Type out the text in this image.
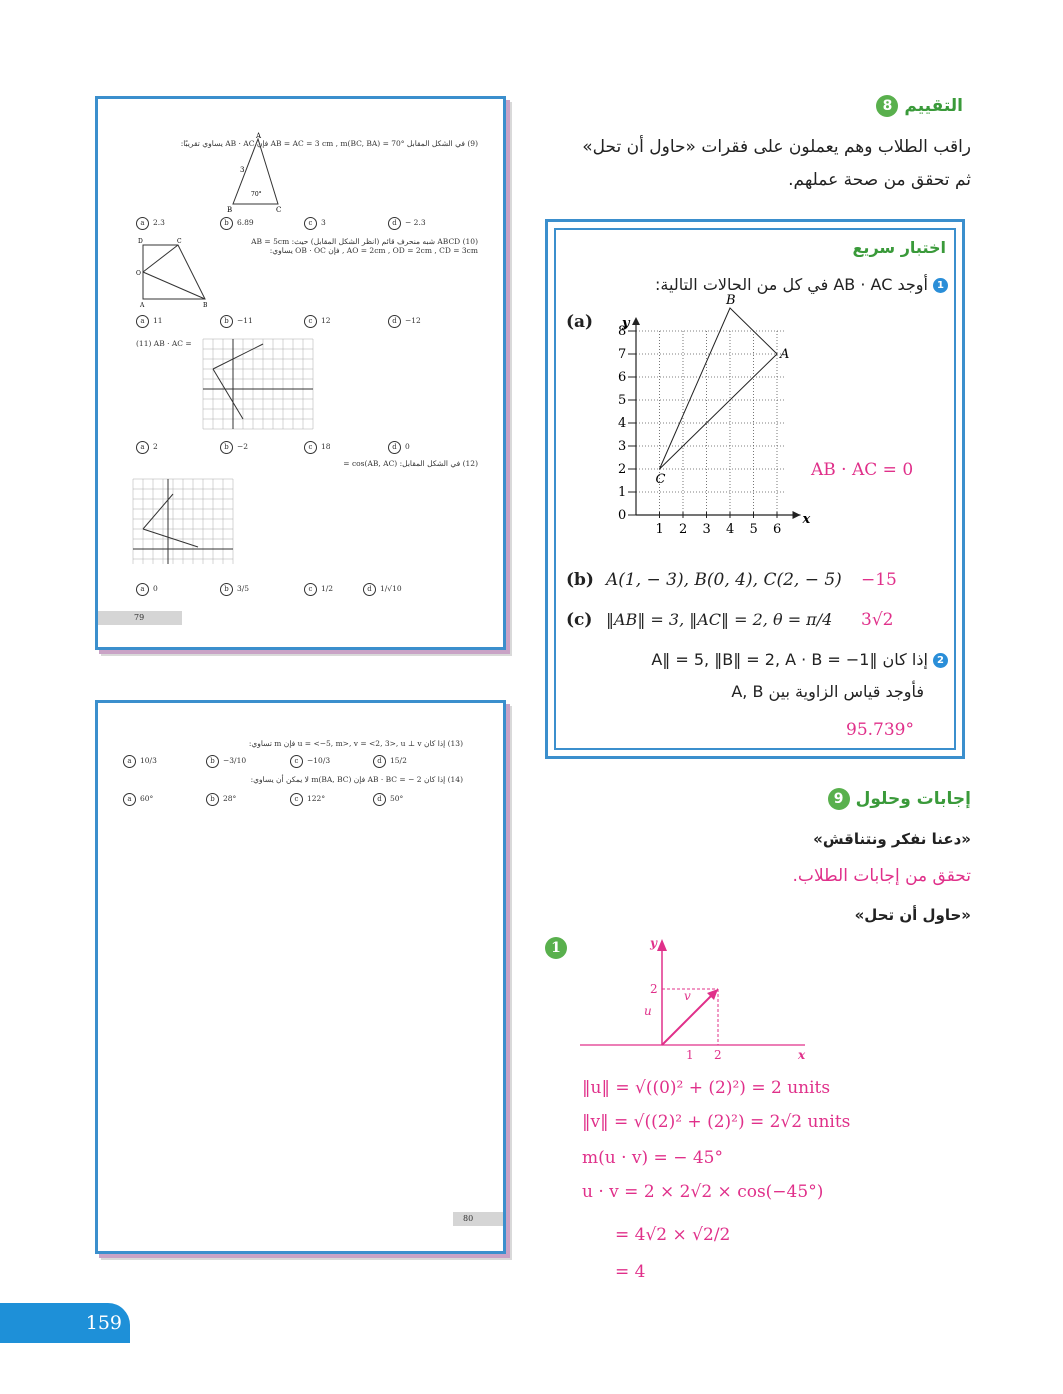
A
B	C
3
70°
(9) في الشكل المقابل AB = AC = 3 cm , m(BC, BA) = 70° فإن AB · AC يساوي تقريبًا:
a 2.3	b 6.89	c 3	d − 2.3
D	C
O
A	B
(10) ABCD شبه منحرف قائم (انظر الشكل المقابل) حيث: AB = 5cm , AO = 2cm , OD = 2cm , CD = 3cm فإن OB · OC يساوي:
a 11	b −11	c 12	d −12
(11) AB · AC =
a 2	b −2	c 18	d 0
(12) في الشكل المقابل: cos(AB, AC) =
a 0	b 3/5	c 1/2	d 1/√10
79
(13) إذا كان u = <−5, m>, v = <2, 3>, u ⊥ v فإن m تساوي:
a 10/3	b −3/10	c −10/3	d 15/2
(14) إذا كان 2 − = AB · BC فإن m(BA, BC) لا يمكن أن يساوي:
a 60°	b 28°	c 122°	d 50°
80
التقييم 8
راقب الطلاب وهم يعملون على فقرات «حاول أن تحل»
ثم تحقق من صحة عملهم.
اختبار سريع
1 أوجد AB · AC في كل من الحالات التالية:
(a)
x
y
1 2 3 4 5 6
0
1
2
3
4
5
6
7
8
A
B
C	AB · AC = 0
(b) A(1, − 3), B(0, 4), C(2, − 5) −15
(c) ‖AB‖ = 3, ‖AC‖ = 2, θ = π/4 3√2
2 إذا كان ‖A‖ = 5, ‖B‖ = 2, A · B = −1
فأوجد قياس الزاوية بين A, B
95.739°
إجابات وحلول 9
«دعنا نفكر ونتناقش»
تحقق من إجابات الطلاب.
«حاول أن تحل»
1	y
x
v
u
2
1 2
‖u‖ = √((0)² + (2)²) = 2 units
‖v‖ = √((2)² + (2)²) = 2√2 units
m(u · v) = − 45°
u · v = 2 × 2√2 × cos(−45°)
= 4√2 × √2/2
= 4
159
